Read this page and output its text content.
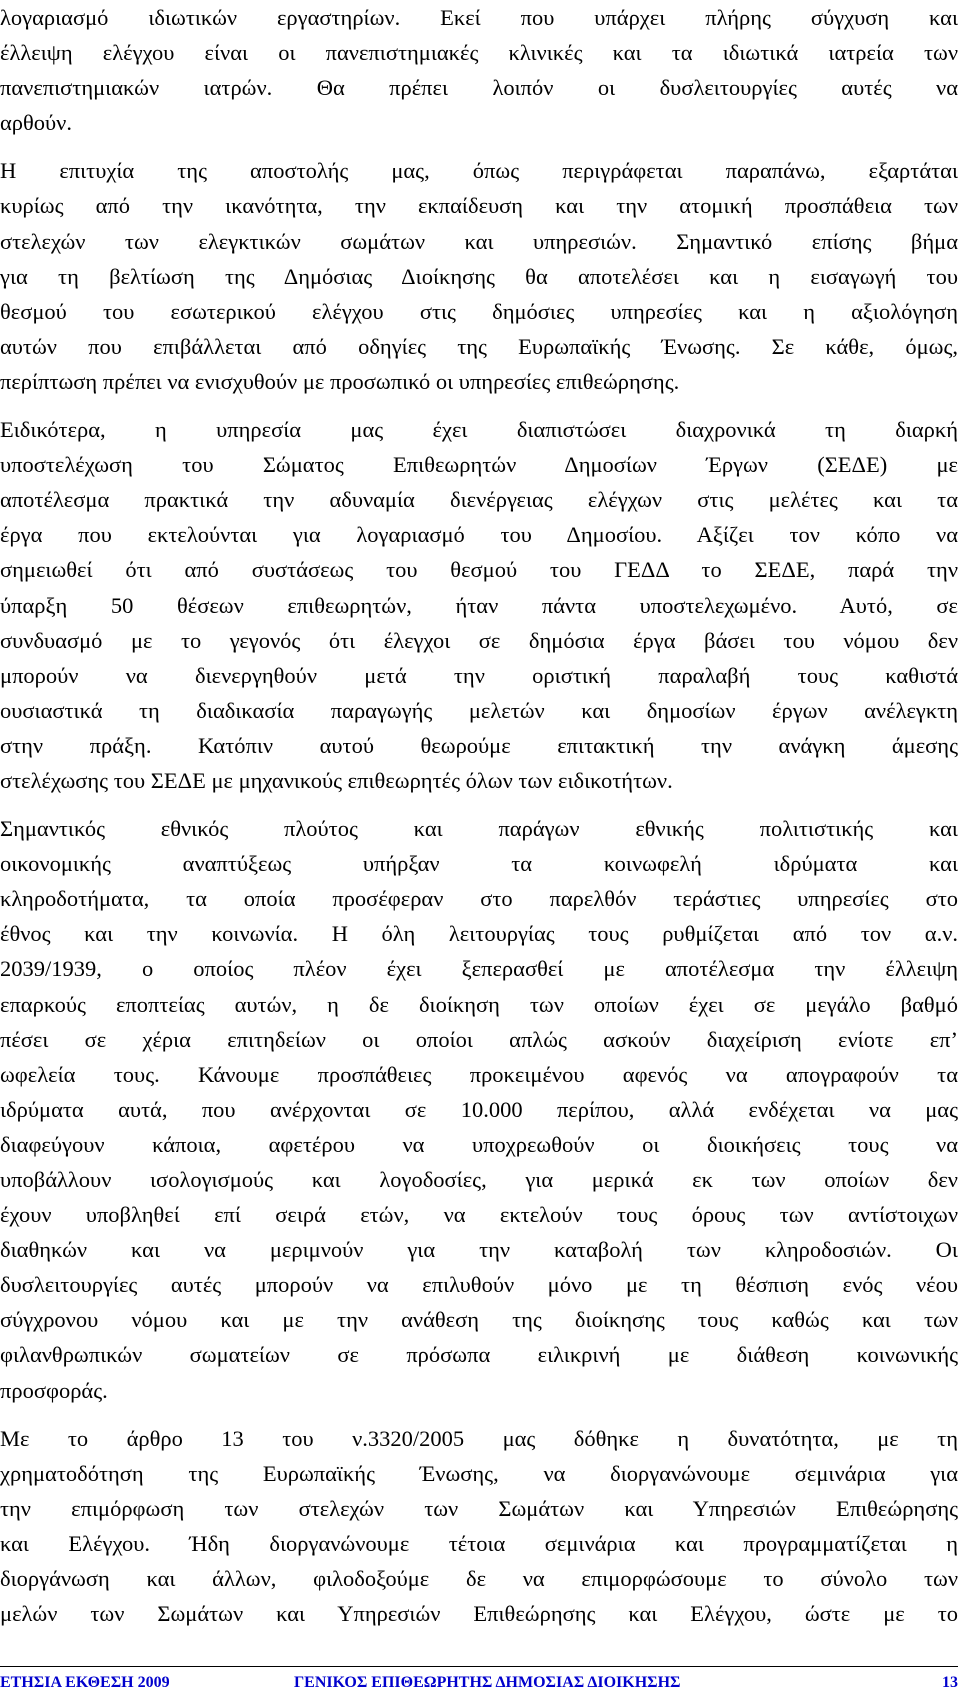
λογαριασμό ιδιωτικών εργαστηρίων. Εκεί που υπάρχει πλήρης σύγχυση και
έλλειψη ελέγχου είναι οι πανεπιστημιακές κλινικές και τα ιδιωτικά ιατρεία των
πανεπιστημιακών ιατρών. Θα πρέπει λοιπόν οι δυσλειτουργίες αυτές να
αρθούν.
Η επιτυχία της αποστολής μας, όπως περιγράφεται παραπάνω, εξαρτάται
κυρίως από την ικανότητα, την εκπαίδευση και την ατομική προσπάθεια των
στελεχών των ελεγκτικών σωμάτων και υπηρεσιών. Σημαντικό επίσης βήμα
για τη βελτίωση της Δημόσιας Διοίκησης θα αποτελέσει και η εισαγωγή του
θεσμού του εσωτερικού ελέγχου στις δημόσιες υπηρεσίες και η αξιολόγηση
αυτών που επιβάλλεται από οδηγίες της Ευρωπαϊκής Ένωσης. Σε κάθε, όμως,
περίπτωση πρέπει να ενισχυθούν με προσωπικό οι υπηρεσίες επιθεώρησης.
Ειδικότερα, η υπηρεσία μας έχει διαπιστώσει διαχρονικά τη διαρκή
υποστελέχωση του Σώματος Επιθεωρητών Δημοσίων Έργων (ΣΕΔΕ) με
αποτέλεσμα πρακτικά την αδυναμία διενέργειας ελέγχων στις μελέτες και τα
έργα που εκτελούνται για λογαριασμό του Δημοσίου. Αξίζει τον κόπο να
σημειωθεί ότι από συστάσεως του θεσμού του ΓΕΔΔ το ΣΕΔΕ, παρά την
ύπαρξη 50 θέσεων επιθεωρητών, ήταν πάντα υποστελεχωμένο. Αυτό, σε
συνδυασμό με το γεγονός ότι έλεγχοι σε δημόσια έργα βάσει του νόμου δεν
μπορούν να διενεργηθούν μετά την οριστική παραλαβή τους καθιστά
ουσιαστικά τη διαδικασία παραγωγής μελετών και δημοσίων έργων ανέλεγκτη
στην πράξη. Κατόπιν αυτού θεωρούμε επιτακτική την ανάγκη άμεσης
στελέχωσης του ΣΕΔΕ με μηχανικούς επιθεωρητές όλων των ειδικοτήτων.
Σημαντικός εθνικός πλούτος και παράγων εθνικής πολιτιστικής και
οικονομικής αναπτύξεως υπήρξαν τα κοινωφελή ιδρύματα και
κληροδοτήματα, τα οποία προσέφεραν στο παρελθόν τεράστιες υπηρεσίες στο
έθνος και την κοινωνία. Η όλη λειτουργίας τους ρυθμίζεται από τον α.ν.
2039/1939, ο οποίος πλέον έχει ξεπερασθεί με αποτέλεσμα την έλλειψη
επαρκούς εποπτείας αυτών, η δε διοίκηση των οποίων έχει σε μεγάλο βαθμό
πέσει σε χέρια επιτηδείων οι οποίοι απλώς ασκούν διαχείριση ενίοτε επ’
ωφελεία τους. Κάνουμε προσπάθειες προκειμένου αφενός να απογραφούν τα
ιδρύματα αυτά, που ανέρχονται σε 10.000 περίπου, αλλά ενδέχεται να μας
διαφεύγουν κάποια, αφετέρου να υποχρεωθούν οι διοικήσεις τους να
υποβάλλουν ισολογισμούς και λογοδοσίες, για μερικά εκ των οποίων δεν
έχουν υποβληθεί επί σειρά ετών, να εκτελούν τους όρους των αντίστοιχων
διαθηκών και να μεριμνούν για την καταβολή των κληροδοσιών. Οι
δυσλειτουργίες αυτές μπορούν να επιλυθούν μόνο με τη θέσπιση ενός νέου
σύγχρονου νόμου και με την ανάθεση της διοίκησης τους καθώς και των
φιλανθρωπικών σωματείων σε πρόσωπα ειλικρινή με διάθεση κοινωνικής
προσφοράς.
Με το άρθρο 13 του ν.3320/2005 μας δόθηκε η δυνατότητα, με τη
χρηματοδότηση της Ευρωπαϊκής Ένωσης, να διοργανώνουμε σεμινάρια για
την επιμόρφωση των στελεχών των Σωμάτων και Υπηρεσιών Επιθεώρησης
και Ελέγχου. Ήδη διοργανώνουμε τέτοια σεμινάρια και προγραμματίζεται η
διοργάνωση και άλλων, φιλοδοξούμε δε να επιμορφώσουμε το σύνολο των
μελών των Σωμάτων και Υπηρεσιών Επιθεώρησης και Ελέγχου, ώστε με το
ΕΤΗΣΙΑ ΕΚΘΕΣΗ 2009	ΓΕΝΙΚΟΣ ΕΠΙΘΕΩΡΗΤΗΣ ΔΗΜΟΣΙΑΣ ΔΙΟΙΚΗΣΗΣ	13
